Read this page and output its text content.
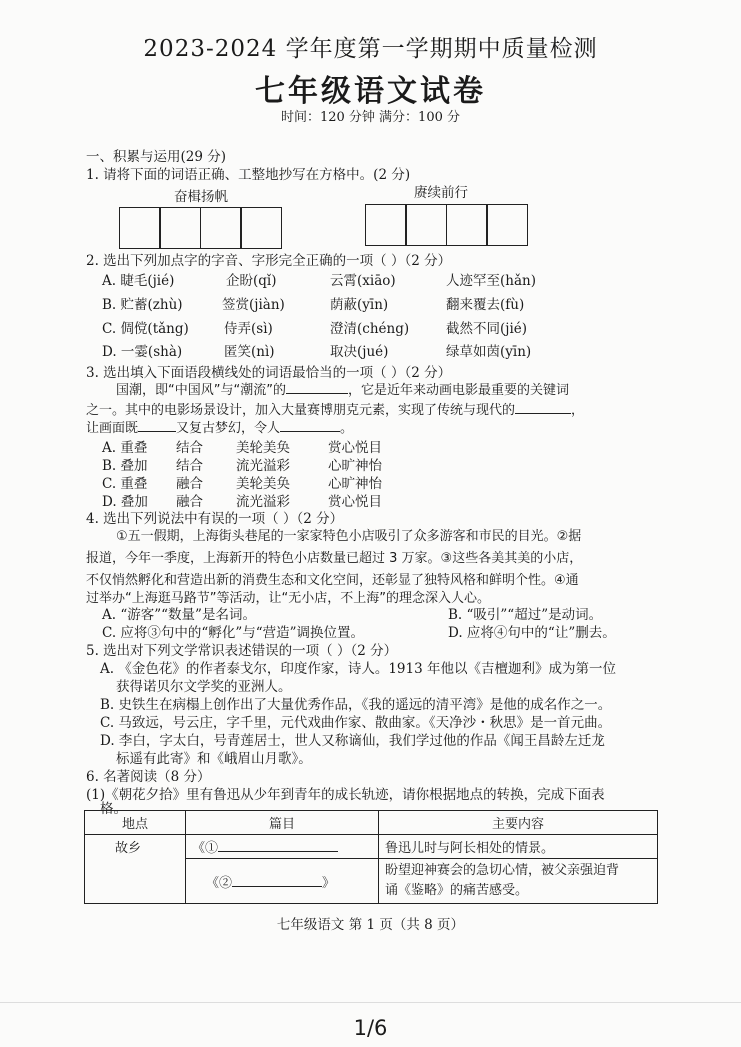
2023-2024 学年度第一学期期中质量检测
七年级语文试卷
时间：120 分钟 满分：100 分
一、积累与运用(29 分)
1. 请将下面的词语正确、工整地抄写在方格中。(2 分)
奋楫扬帆	赓续前行
2. 选出下列加点字的字音、字形完全正确的一项（ ）（2 分）
A. 睫毛(jié)	企盼(qǐ)	云霄(xiāo)	人迹罕至(hǎn)
B. 贮蓄(zhù)	签赏(jiàn)	荫蔽(yīn)	翻来覆去(fù)
C. 倜傥(tǎng)	侍弄(sì)	澄清(chéng)	截然不同(jié)
D. 一霎(shà)	匿笑(nì)	取决(jué)	绿草如茵(yīn)
3. 选出填入下面语段横线处的词语最恰当的一项（ ）（2 分）
国潮，即“中国风”与“潮流”的	，它是近年来动画电影最重要的关键词
之一。其中的电影场景设计，加入大量赛博朋克元素，实现了传统与现代的	，
让画面既	又复古梦幻，令人	。
A. 重叠 结合 美轮美奂	赏心悦目
B. 叠加 结合 流光溢彩	心旷神怡
C. 重叠 融合 美轮美奂	心旷神怡
D. 叠加 融合 流光溢彩	赏心悦目
4. 选出下列说法中有误的一项（ ）（2 分）
①五一假期，上海街头巷尾的一家家特色小店吸引了众多游客和市民的目光。②据
报道，今年一季度，上海新开的特色小店数量已超过 3 万家。③这些各美其美的小店，
不仅悄然孵化和营造出新的消费生态和文化空间，还彰显了独特风格和鲜明个性。④通
过举办“上海逛马路节”等活动，让“无小店，不上海”的理念深入人心。
A. “游客”“数量”是名词。	B. “吸引”“超过”是动词。
C. 应将③句中的“孵化”与“营造”调换位置。	D. 应将④句中的“让”删去。
5. 选出对下列文学常识表述错误的一项（ ）（2 分）
A. 《金色花》的作者泰戈尔，印度作家，诗人。1913 年他以《吉檀迦利》成为第一位
获得诺贝尔文学奖的亚洲人。
B. 史铁生在病榻上创作出了大量优秀作品，《我的遥远的清平湾》是他的成名作之一。
C. 马致远，号云庄，字千里，元代戏曲作家、散曲家。《天净沙・秋思》是一首元曲。
D. 李白，字太白，号青莲居士，世人又称谪仙，我们学过他的作品《闻王昌龄左迁龙
标遥有此寄》和《峨眉山月歌》。
6. 名著阅读（8 分）
(1)《朝花夕拾》里有鲁迅从少年到青年的成长轨迹，请你根据地点的转换，完成下面表
格。
地点	篇目	主要内容
故乡	《①	鲁迅儿时与阿长相处的情景。
	《② 》	盼望迎神赛会的急切心情，被父亲强迫背
诵《鉴略》的痛苦感受。
七年级语文 第 1 页（共 8 页）
1/6
